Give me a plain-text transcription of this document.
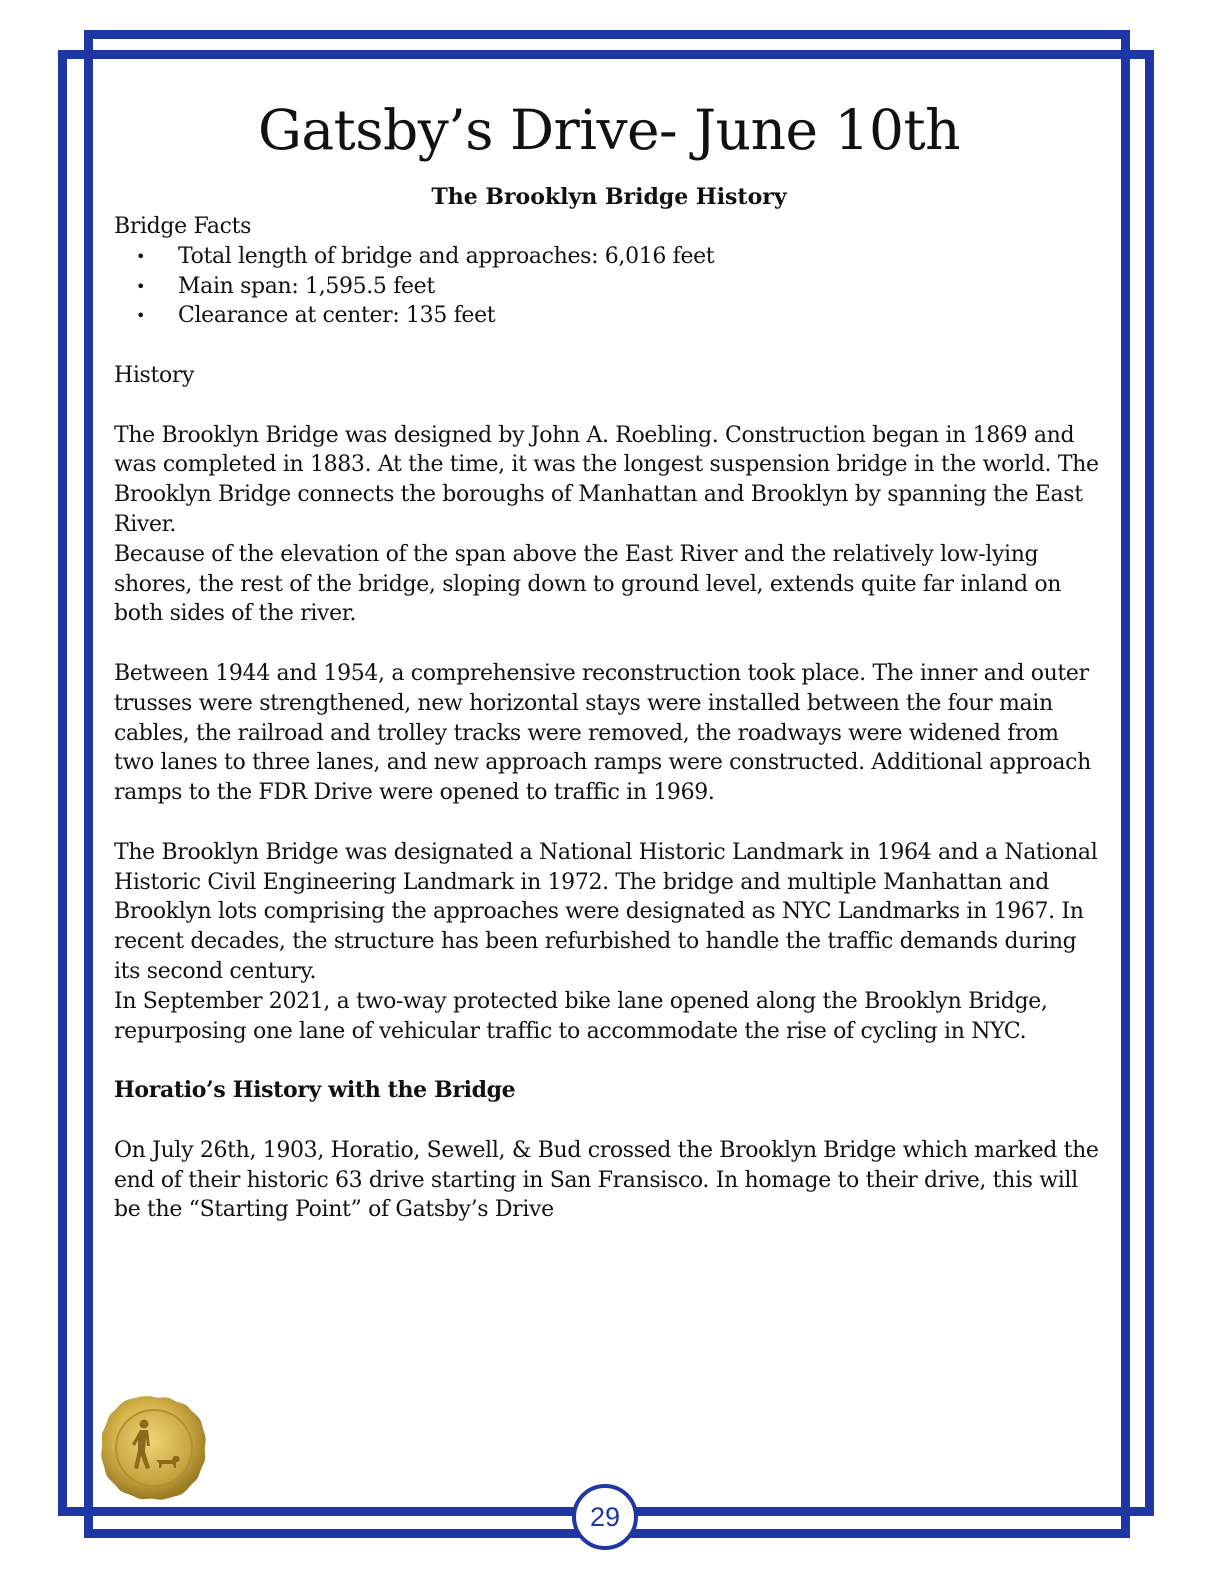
Gatsby’s Drive- June 10th
The Brooklyn Bridge History

Bridge Facts

• Total length of bridge and approaches: 6,016 feet
• Main span: 1,595.5 feet
• Clearance at center: 135 feet

History

The Brooklyn Bridge was designed by John A. Roebling. Construction began in 1869 and was completed in 1883. At the time, it was the longest suspension bridge in the world. The Brooklyn Bridge connects the boroughs of Manhattan and Brooklyn by spanning the East River.

Because of the elevation of the span above the East River and the relatively low-lying shores, the rest of the bridge, sloping down to ground level, extends quite far inland on both sides of the river.

Between 1944 and 1954, a comprehensive reconstruction took place. The inner and outer trusses were strengthened, new horizontal stays were installed between the four main cables, the railroad and trolley tracks were removed, the roadways were widened from two lanes to three lanes, and new approach ramps were constructed. Additional approach ramps to the FDR Drive were opened to traffic in 1969.

The Brooklyn Bridge was designated a National Historic Landmark in 1964 and a National Historic Civil Engineering Landmark in 1972. The bridge and multiple Manhattan and Brooklyn lots comprising the approaches were designated as NYC Landmarks in 1967. In recent decades, the structure has been refurbished to handle the traffic demands during its second century.

In September 2021, a two-way protected bike lane opened along the Brooklyn Bridge, repurposing one lane of vehicular traffic to accommodate the rise of cycling in NYC.

Horatio’s History with the Bridge

On July 26th, 1903, Horatio, Sewell, & Bud crossed the Brooklyn Bridge which marked the end of their historic 63 drive starting in San Fransisco. In homage to their drive, this will be the “Starting Point” of Gatsby’s Drive

29
